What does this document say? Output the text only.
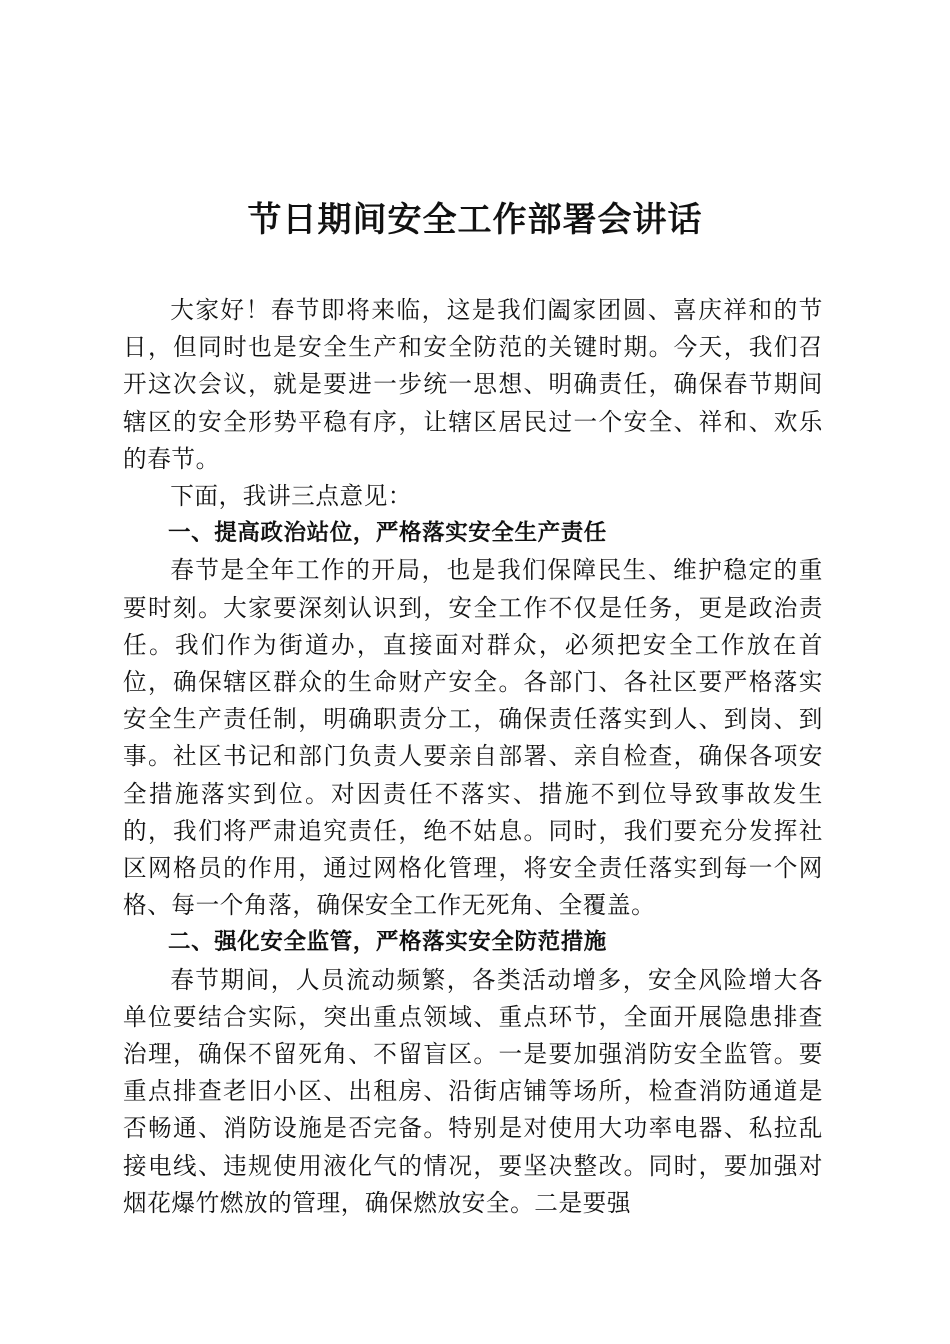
节日期间安全工作部署会讲话

大家好！春节即将来临，这是我们阖家团圆、喜庆祥和的节日，但同时也是安全生产和安全防范的关键时期。今天，我们召开这次会议，就是要进一步统一思想、明确责任，确保春节期间辖区的安全形势平稳有序，让辖区居民过一个安全、祥和、欢乐的春节。

下面，我讲三点意见：

一、提高政治站位，严格落实安全生产责任

春节是全年工作的开局，也是我们保障民生、维护稳定的重要时刻。大家要深刻认识到，安全工作不仅是任务，更是政治责任。我们作为街道办，直接面对群众，必须把安全工作放在首位，确保辖区群众的生命财产安全。各部门、各社区要严格落实安全生产责任制，明确职责分工，确保责任落实到人、到岗、到事。社区书记和部门负责人要亲自部署、亲自检查，确保各项安全措施落实到位。对因责任不落实、措施不到位导致事故发生的，我们将严肃追究责任，绝不姑息。同时，我们要充分发挥社区网格员的作用，通过网格化管理，将安全责任落实到每一个网格、每一个角落，确保安全工作无死角、全覆盖。

二、强化安全监管，严格落实安全防范措施

春节期间，人员流动频繁，各类活动增多，安全风险增大各单位要结合实际，突出重点领域、重点环节，全面开展隐患排查治理，确保不留死角、不留盲区。一是要加强消防安全监管。要重点排查老旧小区、出租房、沿街店铺等场所，检查消防通道是否畅通、消防设施是否完备。特别是对使用大功率电器、私拉乱接电线、违规使用液化气的情况，要坚决整改。同时，要加强对烟花爆竹燃放的管理，确保燃放安全。二是要强
